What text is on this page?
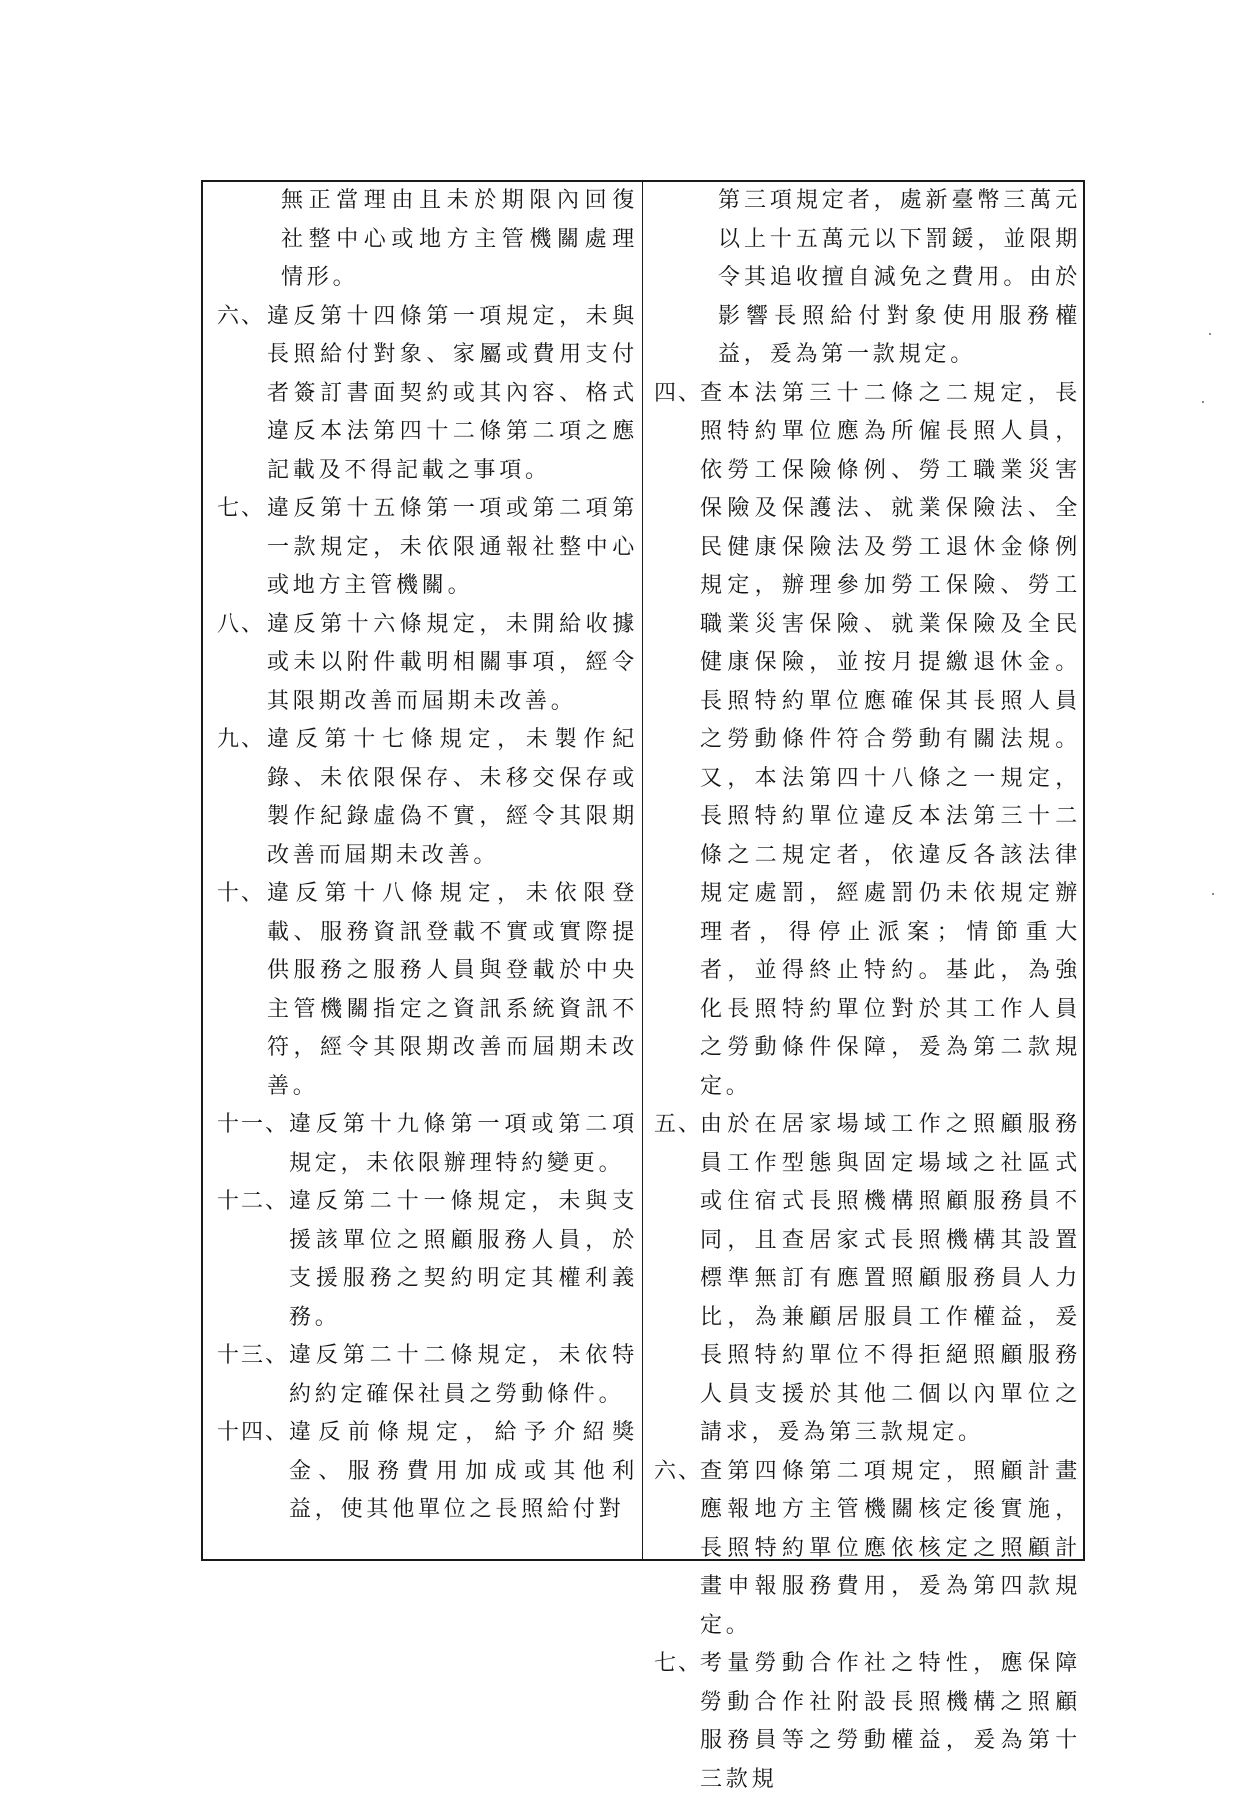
無正當理由且未於期限內回復社整中心或地方主管機關處理情形。
六、 違反第十四條第一項規定，未與長照給付對象、家屬或費用支付者簽訂書面契約或其內容、格式違反本法第四十二條第二項之應記載及不得記載之事項。
七、 違反第十五條第一項或第二項第一款規定，未依限通報社整中心或地方主管機關。
八、 違反第十六條規定，未開給收據或未以附件載明相關事項，經令其限期改善而屆期未改善。
九、 違反第十七條規定，未製作紀錄、未依限保存、未移交保存或製作紀錄虛偽不實，經令其限期改善而屆期未改善。
十、 違反第十八條規定，未依限登載、服務資訊登載不實或實際提供服務之服務人員與登載於中央主管機關指定之資訊系統資訊不符，經令其限期改善而屆期未改善。
十一、 違反第十九條第一項或第二項規定，未依限辦理特約變更。
十二、 違反第二十一條規定，未與支援該單位之照顧服務人員，於支援服務之契約明定其權利義務。
十三、 違反第二十二條規定，未依特約約定確保社員之勞動條件。
十四、 違反前條規定，給予介紹獎金、服務費用加成或其他利益，使其他單位之長照給付對
第三項規定者，處新臺幣三萬元以上十五萬元以下罰鍰，並限期令其追收擅自減免之費用。由於影響長照給付對象使用服務權益，爰為第一款規定。
四、
查本法第三十二條之二規定，長照特約單位應為所僱長照人員，依勞工保險條例、勞工職業災害保險及保護法、就業保險法、全民健康保險法及勞工退休金條例規定，辦理參加勞工保險、勞工職業災害保險、就業保險及全民健康保險，並按月提繳退休金。長照特約單位應確保其長照人員之勞動條件符合勞動有關法規。又，本法第四十八條之一規定，長照特約單位違反本法第三十二條之二規定者，依違反各該法律規定處罰，經處罰仍未依規定辦理者，得停止派案；情節重大者，並得終止特約。基此，為強化長照特約單位對於其工作人員之勞動條件保障，爰為第二款規定。
五、
由於在居家場域工作之照顧服務員工作型態與固定場域之社區式或住宿式長照機構照顧服務員不同，且查居家式長照機構其設置標準無訂有應置照顧服務員人力比，為兼顧居服員工作權益，爰長照特約單位不得拒絕照顧服務人員支援於其他二個以內單位之請求，爰為第三款規定。
六、
查第四條第二項規定，照顧計畫應報地方主管機關核定後實施，長照特約單位應依核定之照顧計畫申報服務費用，爰為第四款規定。
七、
考量勞動合作社之特性，應保障勞動合作社附設長照機構之照顧服務員等之勞動權益，爰為第十三款規
